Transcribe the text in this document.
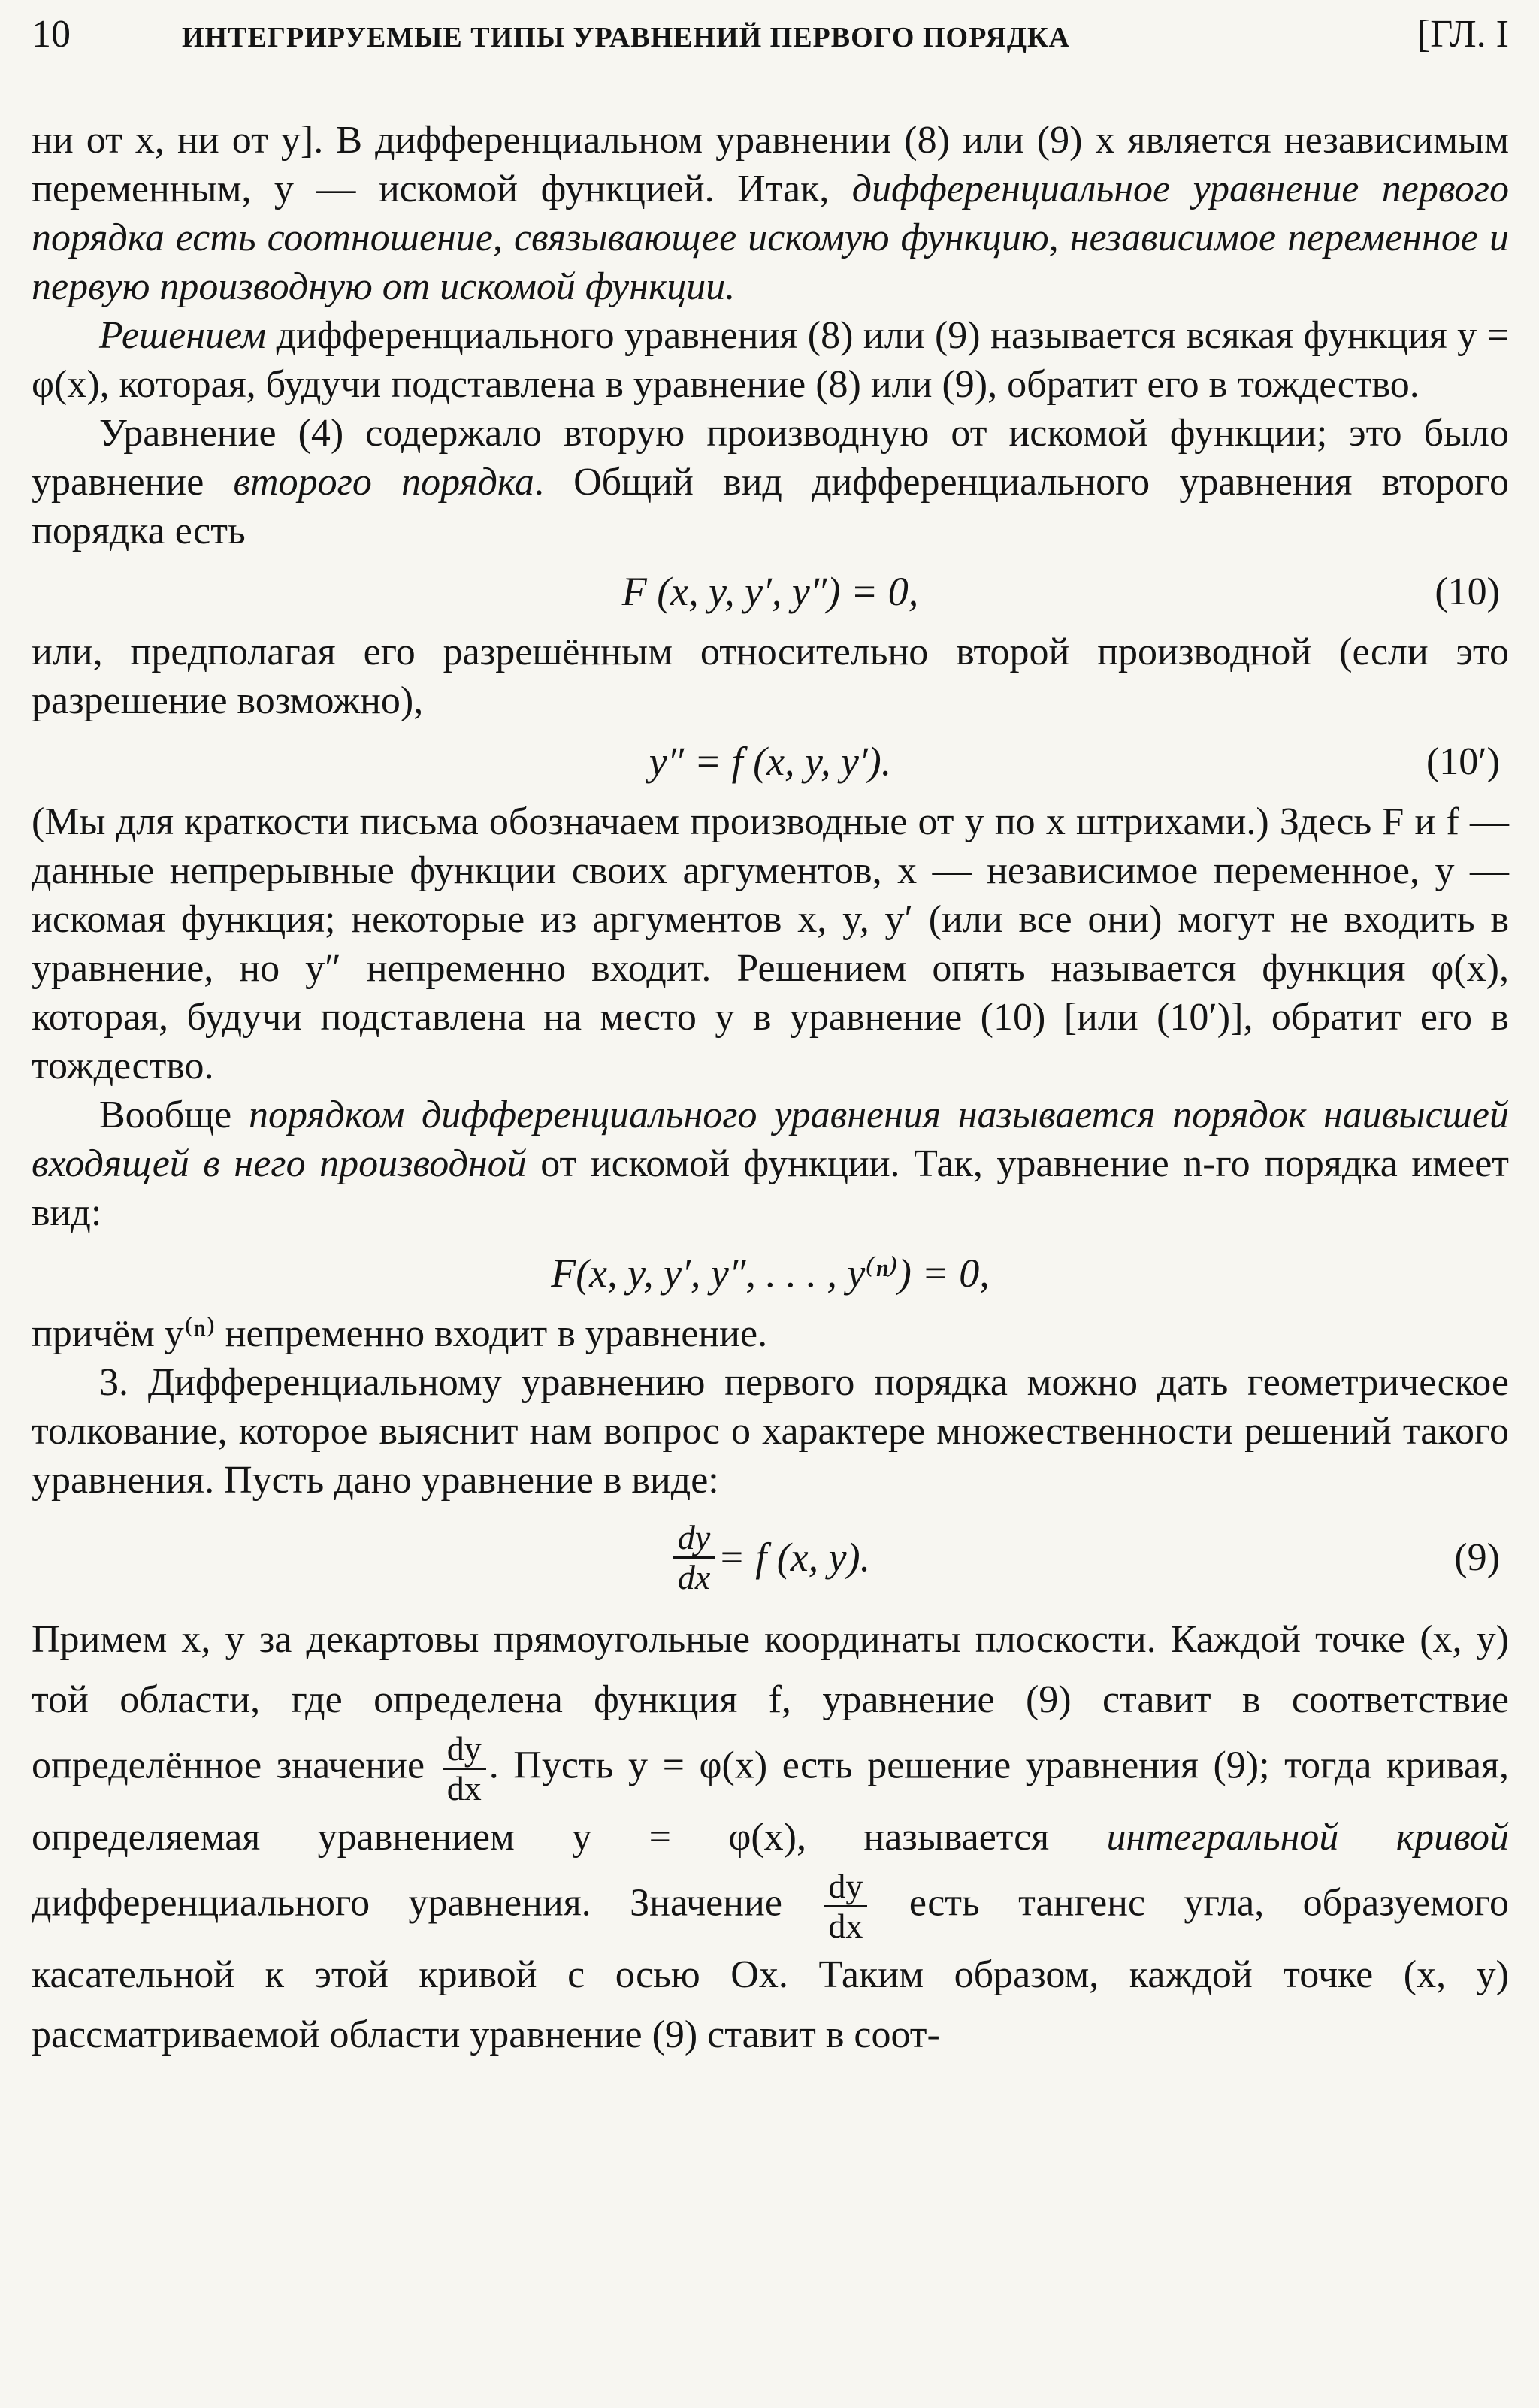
10	ИНТЕГРИРУЕМЫЕ ТИПЫ УРАВНЕНИЙ ПЕРВОГО ПОРЯДКА	[ГЛ. I

ни от x, ни от y]. В дифференциальном уравнении (8) или (9) x является независимым переменным, y — искомой функцией. Итак, дифференциальное уравнение первого порядка есть соотношение, связывающее искомую функцию, независимое переменное и первую производную от искомой функции.

Решением дифференциального уравнения (8) или (9) называется всякая функция y = φ(x), которая, будучи подставлена в уравнение (8) или (9), обратит его в тождество.

Уравнение (4) содержало вторую производную от искомой функции; это было уравнение второго порядка. Общий вид дифференциального уравнения второго порядка есть

F (x, y, y′, y″) = 0,	(10)

или, предполагая его разрешённым относительно второй производной (если это разрешение возможно),

y″ = f (x, y, y′).	(10′)

(Мы для краткости письма обозначаем производные от y по x штрихами.) Здесь F и f — данные непрерывные функции своих аргументов, x — независимое переменное, y — искомая функция; некоторые из аргументов x, y, y′ (или все они) могут не входить в уравнение, но y″ непременно входит. Решением опять называется функция φ(x), которая, будучи подставлена на место y в уравнение (10) [или (10′)], обратит его в тождество.

Вообще порядком дифференциального уравнения называется порядок наивысшей входящей в него производной от искомой функции. Так, уравнение n-го порядка имеет вид:

F(x, y, y′, y″, . . . , y⁽ⁿ⁾) = 0,

причём y⁽ⁿ⁾ непременно входит в уравнение.

3. Дифференциальному уравнению первого порядка можно дать геометрическое толкование, которое выяснит нам вопрос о характере множественности решений такого уравнения. Пусть дано уравнение в виде:

$\frac{dy}{dx} = f$ (x, y).	(9)

Примем x, y за декартовы прямоугольные координаты плоскости. Каждой точке (x, y) той области, где определена функция f, уравнение (9) ставит в соответствие определённое значение $\frac{dy}{dx}$ . Пусть y = φ(x) есть решение уравнения (9); тогда кривая, определяемая уравнением y = φ(x), называется интегральной кривой дифференциального уравнения. Значение $\frac{dy}{dx}$ есть тангенс угла, образуемого касательной к этой кривой с осью Ox. Таким образом, каждой точке (x, y) рассматриваемой области уравнение (9) ставит в соот-
